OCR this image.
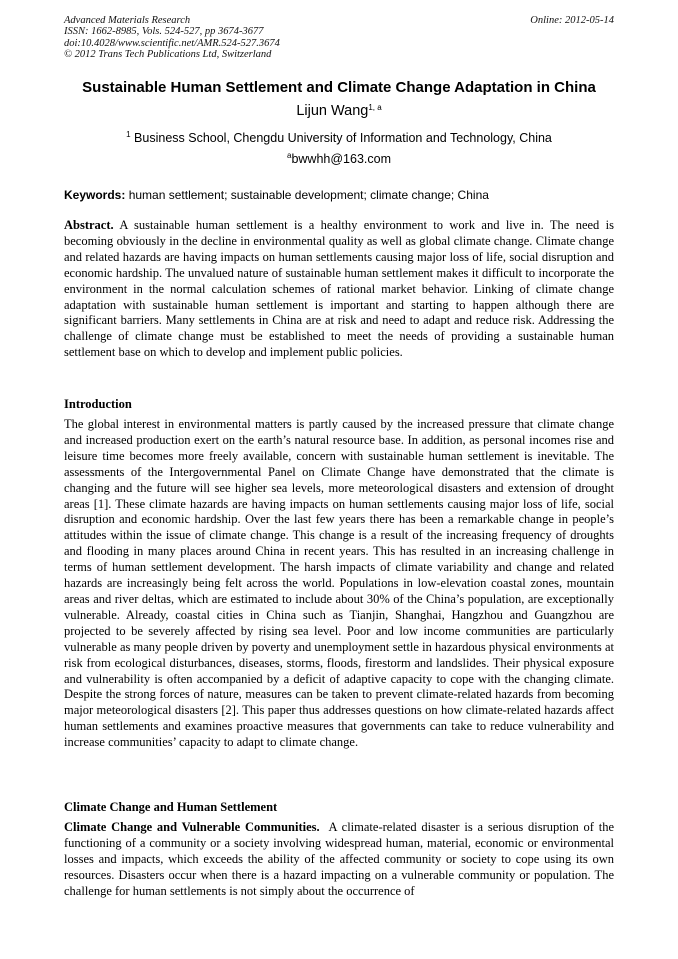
Advanced Materials Research
ISSN: 1662-8985, Vols. 524-527, pp 3674-3677
doi:10.4028/www.scientific.net/AMR.524-527.3674
© 2012 Trans Tech Publications Ltd, Switzerland
Online: 2012-05-14
Sustainable Human Settlement and Climate Change Adaptation in China
Lijun Wang$^{1, a}$
$^1$ Business School, Chengdu University of Information and Technology, China
$^a$bwwhh@163.com
Keywords: human settlement; sustainable development; climate change; China
Abstract. A sustainable human settlement is a healthy environment to work and live in. The need is becoming obviously in the decline in environmental quality as well as global climate change. Climate change and related hazards are having impacts on human settlements causing major loss of life, social disruption and economic hardship. The unvalued nature of sustainable human settlement makes it difficult to incorporate the environment in the normal calculation schemes of rational market behavior. Linking of climate change adaptation with sustainable human settlement is important and starting to happen although there are significant barriers. Many settlements in China are at risk and need to adapt and reduce risk. Addressing the challenge of climate change must be established to meet the needs of providing a sustainable human settlement base on which to develop and implement public policies.
Introduction
The global interest in environmental matters is partly caused by the increased pressure that climate change and increased production exert on the earth’s natural resource base. In addition, as personal incomes rise and leisure time becomes more freely available, concern with sustainable human settlement is inevitable. The assessments of the Intergovernmental Panel on Climate Change have demonstrated that the climate is changing and the future will see higher sea levels, more meteorological disasters and extension of drought areas [1]. These climate hazards are having impacts on human settlements causing major loss of life, social disruption and economic hardship. Over the last few years there has been a remarkable change in people’s attitudes within the issue of climate change. This change is a result of the increasing frequency of droughts and flooding in many places around China in recent years. This has resulted in an increasing challenge in terms of human settlement development. The harsh impacts of climate variability and change and related hazards are increasingly being felt across the world. Populations in low-elevation coastal zones, mountain areas and river deltas, which are estimated to include about 30% of the China’s population, are exceptionally vulnerable. Already, coastal cities in China such as Tianjin, Shanghai, Hangzhou and Guangzhou are projected to be severely affected by rising sea level. Poor and low income communities are particularly vulnerable as many people driven by poverty and unemployment settle in hazardous physical environments at risk from ecological disturbances, diseases, storms, floods, firestorm and landslides. Their physical exposure and vulnerability is often accompanied by a deficit of adaptive capacity to cope with the changing climate. Despite the strong forces of nature, measures can be taken to prevent climate-related hazards from becoming major meteorological disasters [2]. This paper thus addresses questions on how climate-related hazards affect human settlements and examines proactive measures that governments can take to reduce vulnerability and increase communities’ capacity to adapt to climate change.
Climate Change and Human Settlement
Climate Change and Vulnerable Communities. A climate-related disaster is a serious disruption of the functioning of a community or a society involving widespread human, material, economic or environmental losses and impacts, which exceeds the ability of the affected community or society to cope using its own resources. Disasters occur when there is a hazard impacting on a vulnerable community or population. The challenge for human settlements is not simply about the occurrence of
